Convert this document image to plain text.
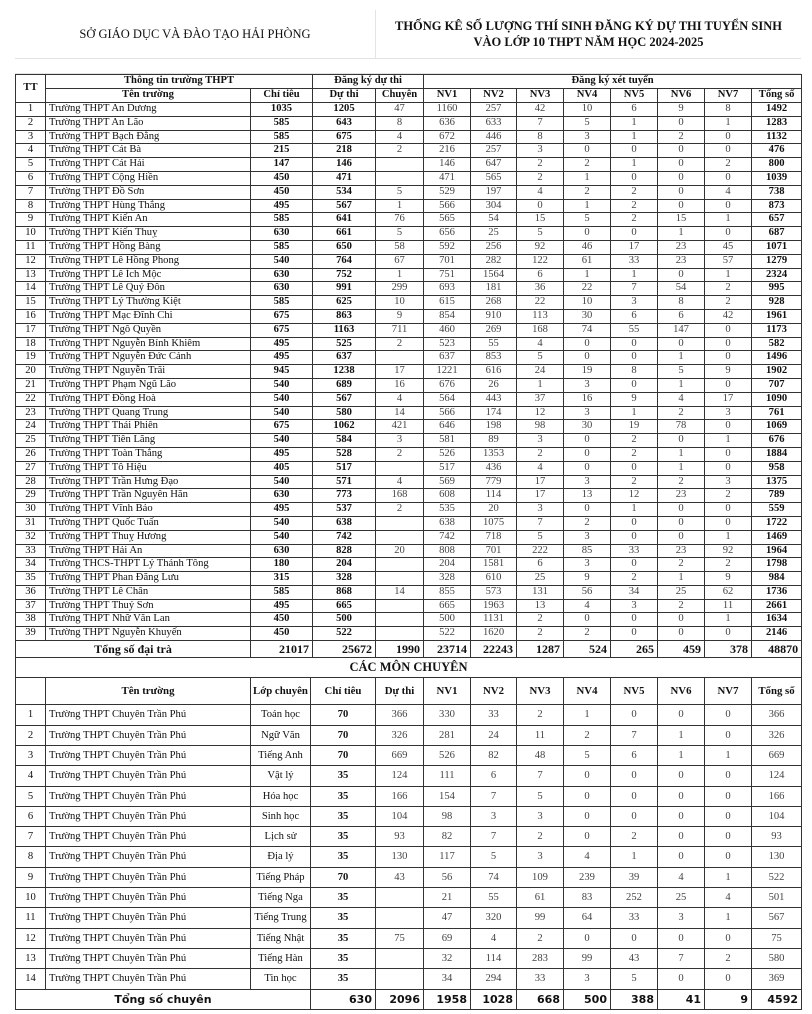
SỞ GIÁO DỤC VÀ ĐÀO TẠO HẢI PHÒNG
THỐNG KÊ SỐ LƯỢNG THÍ SINH ĐĂNG KÝ DỰ THI TUYỂN SINH
VÀO LỚP 10 THPT NĂM HỌC 2024-2025
TT	Thông tin trường THPT		Đăng ký dự thi		Đăng ký xét tuyển							
	Tên trường	Chỉ tiêu	Dự thi	Chuyên	NV1	NV2	NV3	NV4	NV5	NV6	NV7	Tổng số
1	Trường THPT An Dương	1035	1205	47	1160	257	42	10	6	9	8	1492
2	Trường THPT An Lão	585	643	8	636	633	7	5	1	0	1	1283
3	Trường THPT Bạch Đằng	585	675	4	672	446	8	3	1	2	0	1132
4	Trường THPT Cát Bà	215	218	2	216	257	3	0	0	0	0	476
5	Trường THPT Cát Hải	147	146		146	647	2	2	1	0	2	800
6	Trường THPT Cộng Hiền	450	471		471	565	2	1	0	0	0	1039
7	Trường THPT Đồ Sơn	450	534	5	529	197	4	2	2	0	4	738
8	Trường THPT Hùng Thắng	495	567	1	566	304	0	1	2	0	0	873
9	Trường THPT Kiến An	585	641	76	565	54	15	5	2	15	1	657
10	Trường THPT Kiến Thuỵ	630	661	5	656	25	5	0	0	1	0	687
11	Trường THPT Hồng Bàng	585	650	58	592	256	92	46	17	23	45	1071
12	Trường THPT Lê Hồng Phong	540	764	67	701	282	122	61	33	23	57	1279
13	Trường THPT Lê Ích Mộc	630	752	1	751	1564	6	1	1	0	1	2324
14	Trường THPT Lê Quý Đôn	630	991	299	693	181	36	22	7	54	2	995
15	Trường THPT Lý Thường Kiệt	585	625	10	615	268	22	10	3	8	2	928
16	Trường THPT Mạc Đĩnh Chi	675	863	9	854	910	113	30	6	6	42	1961
17	Trường THPT Ngô Quyền	675	1163	711	460	269	168	74	55	147	0	1173
18	Trường THPT Nguyễn Bỉnh Khiêm	495	525	2	523	55	4	0	0	0	0	582
19	Trường THPT Nguyễn Đức Cảnh	495	637		637	853	5	0	0	1	0	1496
20	Trường THPT Nguyễn Trãi	945	1238	17	1221	616	24	19	8	5	9	1902
21	Trường THPT Phạm Ngũ Lão	540	689	16	676	26	1	3	0	1	0	707
22	Trường THPT Đồng Hoà	540	567	4	564	443	37	16	9	4	17	1090
23	Trường THPT Quang Trung	540	580	14	566	174	12	3	1	2	3	761
24	Trường THPT Thái Phiên	675	1062	421	646	198	98	30	19	78	0	1069
25	Trường THPT Tiên Lãng	540	584	3	581	89	3	0	2	0	1	676
26	Trường THPT Toàn Thắng	495	528	2	526	1353	2	0	2	1	0	1884
27	Trường THPT Tô Hiệu	405	517		517	436	4	0	0	1	0	958
28	Trường THPT Trần Hưng Đạo	540	571	4	569	779	17	3	2	2	3	1375
29	Trường THPT Trần Nguyên Hãn	630	773	168	608	114	17	13	12	23	2	789
30	Trường THPT Vĩnh Bảo	495	537	2	535	20	3	0	1	0	0	559
31	Trường THPT Quốc Tuấn	540	638		638	1075	7	2	0	0	0	1722
32	Trường THPT Thuỵ Hương	540	742		742	718	5	3	0	0	1	1469
33	Trường THPT Hải An	630	828	20	808	701	222	85	33	23	92	1964
34	Trường THCS-THPT Lý Thánh Tông	180	204		204	1581	6	3	0	2	2	1798
35	Trường THPT Phan Đăng Lưu	315	328		328	610	25	9	2	1	9	984
36	Trường THPT Lê Chân	585	868	14	855	573	131	56	34	25	62	1736
37	Trường THPT Thuỷ Sơn	495	665		665	1963	13	4	3	2	11	2661
38	Trường THPT Nhữ Văn Lan	450	500		500	1131	2	0	0	0	1	1634
39	Trường THPT Nguyễn Khuyến	450	522		522	1620	2	2	0	0	0	2146
Tổng số đại trà		21017	25672	1990	23714	22243	1287	524	265	459	378	48870
CÁC MÔN CHUYÊN												
	Tên trường	Lớp chuyên	Chỉ tiêu	Dự thi	NV1	NV2	NV3	NV4	NV5	NV6	NV7	Tổng số
1	Trường THPT Chuyên Trần Phú	Toán học	70	366	330	33	2	1	0	0	0	366
2	Trường THPT Chuyên Trần Phú	Ngữ Văn	70	326	281	24	11	2	7	1	0	326
3	Trường THPT Chuyên Trần Phú	Tiếng Anh	70	669	526	82	48	5	6	1	1	669
4	Trường THPT Chuyên Trần Phú	Vật lý	35	124	111	6	7	0	0	0	0	124
5	Trường THPT Chuyên Trần Phú	Hóa học	35	166	154	7	5	0	0	0	0	166
6	Trường THPT Chuyên Trần Phú	Sinh học	35	104	98	3	3	0	0	0	0	104
7	Trường THPT Chuyên Trần Phú	Lịch sử	35	93	82	7	2	0	2	0	0	93
8	Trường THPT Chuyên Trần Phú	Địa lý	35	130	117	5	3	4	1	0	0	130
9	Trường THPT Chuyên Trần Phú	Tiếng Pháp	70	43	56	74	109	239	39	4	1	522
10	Trường THPT Chuyên Trần Phú	Tiếng Nga	35		21	55	61	83	252	25	4	501
11	Trường THPT Chuyên Trần Phú	Tiếng Trung	35		47	320	99	64	33	3	1	567
12	Trường THPT Chuyên Trần Phú	Tiếng Nhật	35	75	69	4	2	0	0	0	0	75
13	Trường THPT Chuyên Trần Phú	Tiếng Hàn	35		32	114	283	99	43	7	2	580
14	Trường THPT Chuyên Trần Phú	Tin học	35		34	294	33	3	5	0	0	369
Tổng số chuyên			630	2096	1958	1028	668	500	388	41	9	4592
